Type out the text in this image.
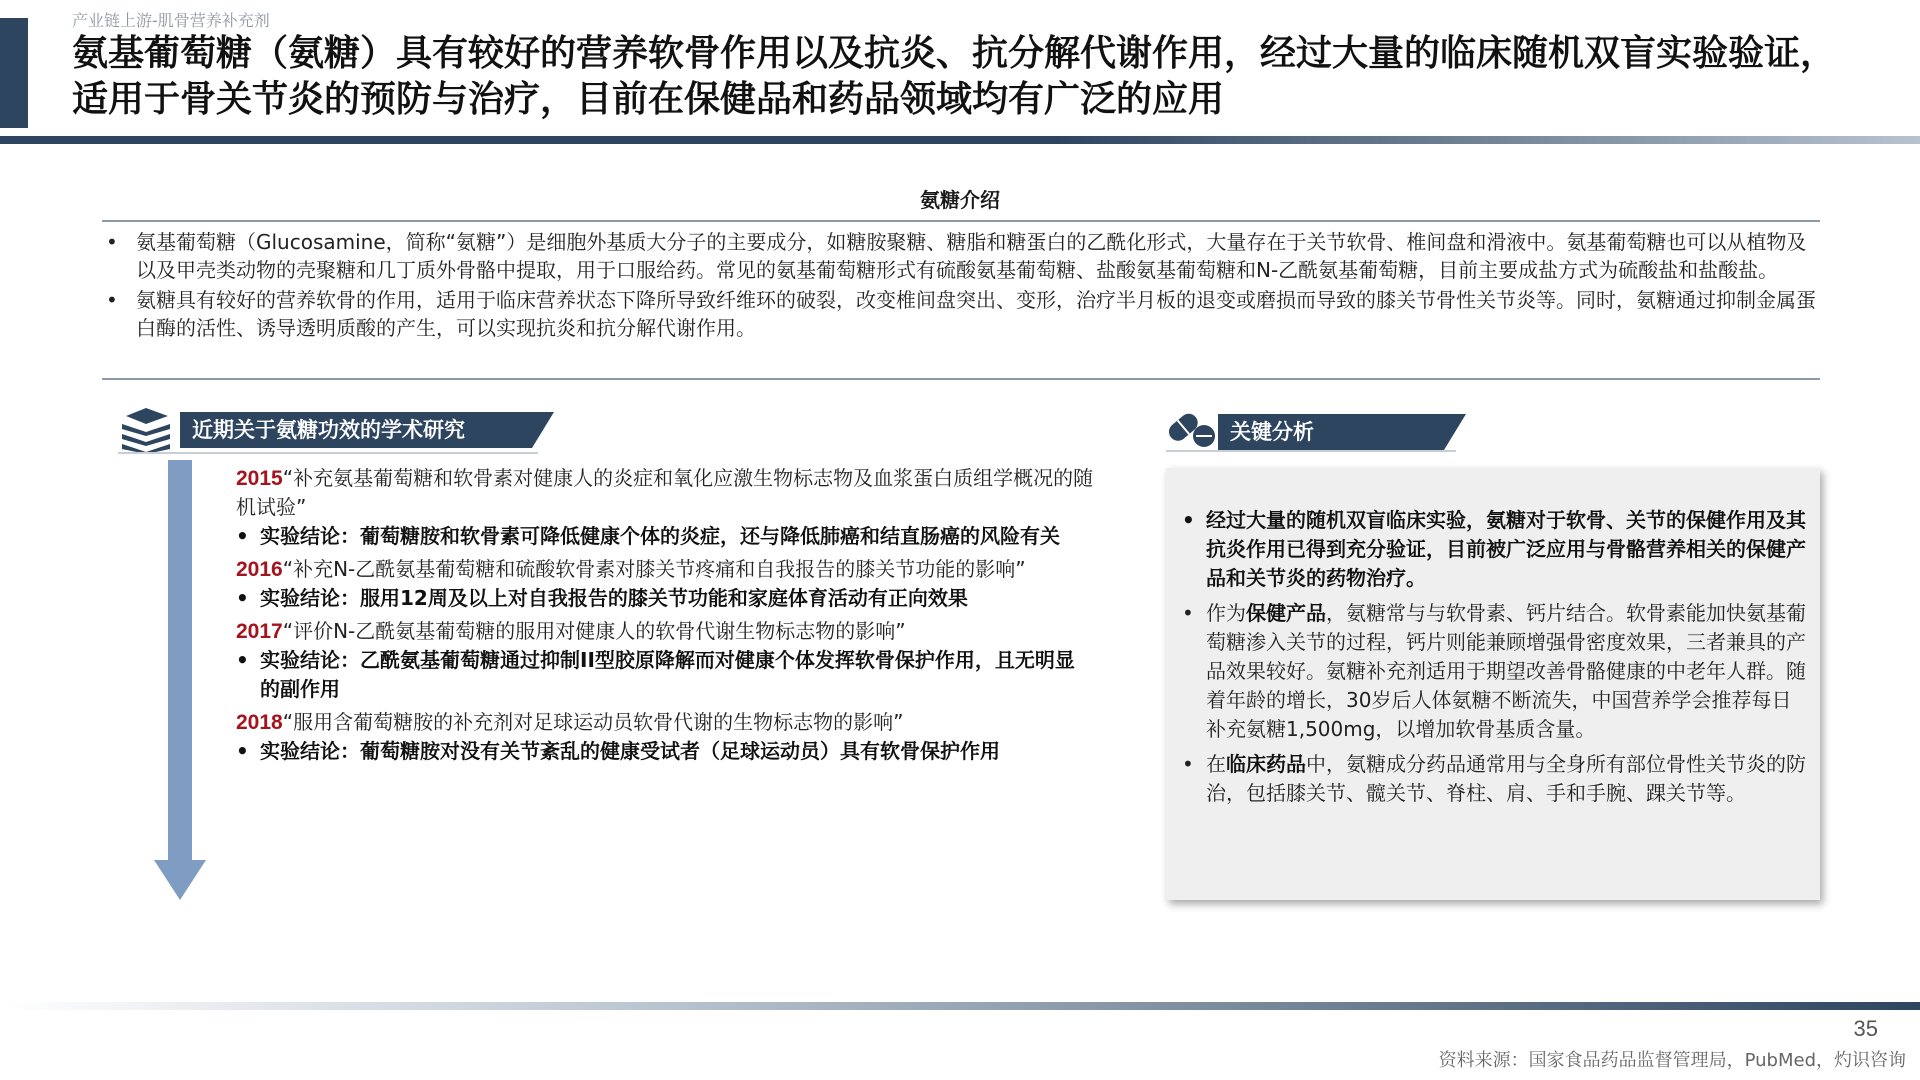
产业链上游-肌骨营养补充剂
氨基葡萄糖（氨糖）具有较好的营养软骨作用以及抗炎、抗分解代谢作用，经过大量的临床随机双盲实验验证，适用于骨关节炎的预防与治疗，目前在保健品和药品领域均有广泛的应用
氨糖介绍
• 氨基葡萄糖（Glucosamine，简称“氨糖”）是细胞外基质大分子的主要成分，如糖胺聚糖、糖脂和糖蛋白的乙酰化形式，大量存在于关节软骨、椎间盘和滑液中。氨基葡萄糖也可以从植物及以及甲壳类动物的壳聚糖和几丁质外骨骼中提取，用于口服给药。常见的氨基葡萄糖形式有硫酸氨基葡萄糖、盐酸氨基葡萄糖和N-乙酰氨基葡萄糖，目前主要成盐方式为硫酸盐和盐酸盐。
• 氨糖具有较好的营养软骨的作用，适用于临床营养状态下降所导致纤维环的破裂，改变椎间盘突出、变形，治疗半月板的退变或磨损而导致的膝关节骨性关节炎等。同时，氨糖通过抑制金属蛋白酶的活性、诱导透明质酸的产生，可以实现抗炎和抗分解代谢作用。
近期关于氨糖功效的学术研究
2015“补充氨基葡萄糖和软骨素对健康人的炎症和氧化应激生物标志物及血浆蛋白质组学概况的随机试验”
• 实验结论：葡萄糖胺和软骨素可降低健康个体的炎症，还与降低肺癌和结直肠癌的风险有关
2016“补充N-乙酰氨基葡萄糖和硫酸软骨素对膝关节疼痛和自我报告的膝关节功能的影响”
• 实验结论：服用12周及以上对自我报告的膝关节功能和家庭体育活动有正向效果
2017“评价N-乙酰氨基葡萄糖的服用对健康人的软骨代谢生物标志物的影响”
• 实验结论：乙酰氨基葡萄糖通过抑制II型胶原降解而对健康个体发挥软骨保护作用，且无明显的副作用
2018“服用含葡萄糖胺的补充剂对足球运动员软骨代谢的生物标志物的影响”
• 实验结论：葡萄糖胺对没有关节紊乱的健康受试者（足球运动员）具有软骨保护作用
关键分析
• 经过大量的随机双盲临床实验，氨糖对于软骨、关节的保健作用及其抗炎作用已得到充分验证，目前被广泛应用与骨骼营养相关的保健产品和关节炎的药物治疗。
• 作为保健产品，氨糖常与与软骨素、钙片结合。软骨素能加快氨基葡萄糖渗入关节的过程，钙片则能兼顾增强骨密度效果，三者兼具的产品效果较好。氨糖补充剂适用于期望改善骨骼健康的中老年人群。随着年龄的增长，30岁后人体氨糖不断流失，中国营养学会推荐每日补充氨糖1,500mg，以增加软骨基质含量。
• 在临床药品中，氨糖成分药品通常用与全身所有部位骨性关节炎的防治，包括膝关节、髋关节、脊柱、肩、手和手腕、踝关节等。
35
资料来源：国家食品药品监督管理局，PubMed，灼识咨询
